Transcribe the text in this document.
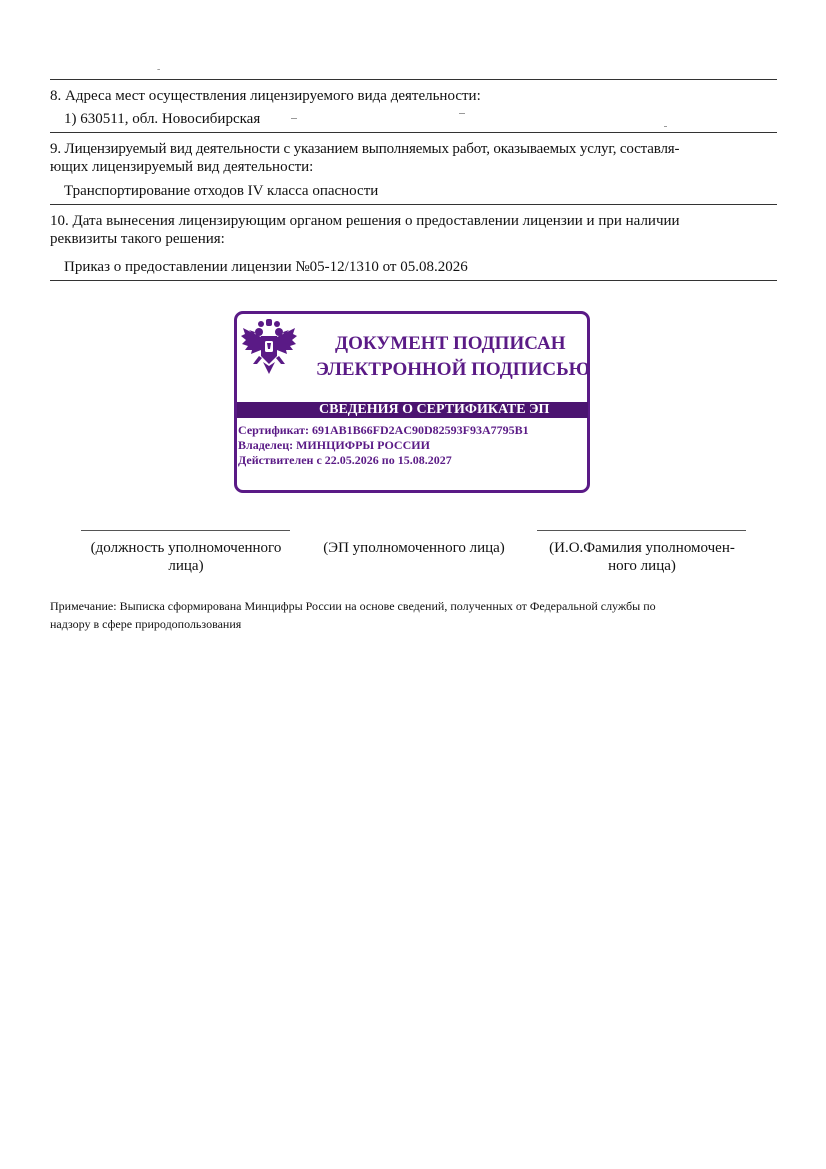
-
8. Адреса мест осуществления лицензируемого вида деятельности:
1) 630511, обл. Новосибирская
9. Лицензируемый вид деятельности с указанием выполняемых работ, оказываемых услуг, составля-
ющих лицензируемый вид деятельности:
Транспортирование отходов IV класса опасности
10. Дата вынесения лицензирующим органом решения о предоставлении лицензии и при наличии
реквизиты такого решения:
Приказ о предоставлении лицензии №05-12/1310 от 05.08.2026
ДОКУМЕНТ ПОДПИСАН
ЭЛЕКТРОННОЙ ПОДПИСЬЮ
СВЕДЕНИЯ О СЕРТИФИКАТЕ ЭП
Сертификат: 691AB1B66FD2AC90D82593F93A7795B1
Владелец: МИНЦИФРЫ РОССИИ
Действителен с 22.05.2026 по 15.08.2027
(должность уполномоченного
лица)
(ЭП уполномоченного лица)	(И.О.Фамилия уполномочен-
ного лица)
Примечание: Выписка сформирована Минцифры России на основе сведений, полученных от Федеральной службы по
надзору в сфере природопользования
